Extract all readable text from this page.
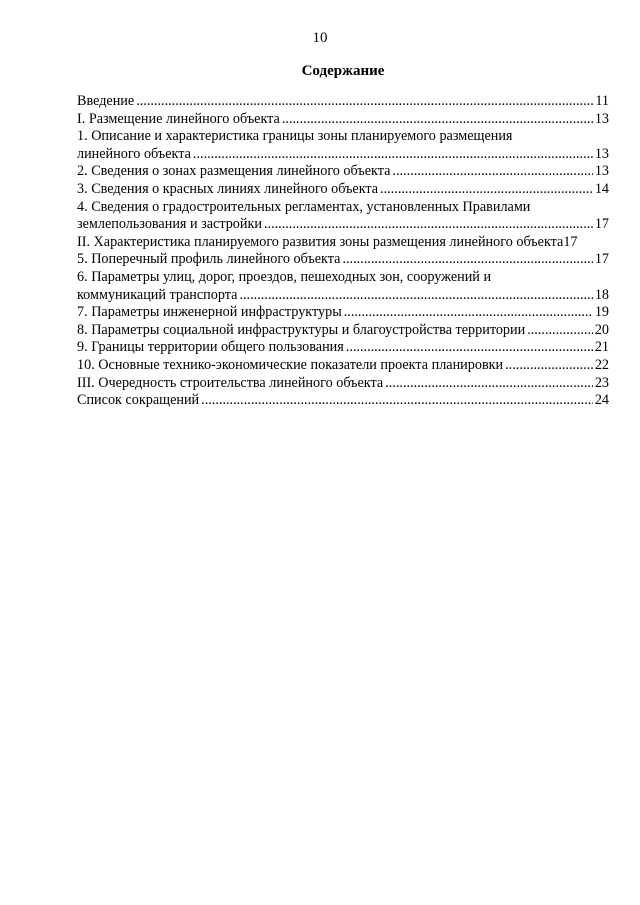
10
Содержание
Введение .....	11
I. Размещение линейного объекта .....	13
1. Описание и характеристика границы зоны планируемого размещения
линейного объекта .....	13
2. Сведения о зонах размещения линейного объекта .....	13
3. Сведения о красных линиях линейного объекта .....	14
4. Сведения о градостроительных регламентах, установленных Правилами
землепользования и застройки .....	17
II. Характеристика планируемого развития зоны размещения линейного объекта 17
5. Поперечный профиль линейного объекта .....	17
6. Параметры улиц, дорог, проездов, пешеходных зон, сооружений и
коммуникаций транспорта .....	18
7. Параметры инженерной инфраструктуры .....	19
8. Параметры социальной инфраструктуры и благоустройства территории .....	20
9. Границы территории общего пользования .....	21
10. Основные технико-экономические показатели проекта планировки .....	22
III. Очередность строительства линейного объекта .....	23
Список сокращений .....	24
